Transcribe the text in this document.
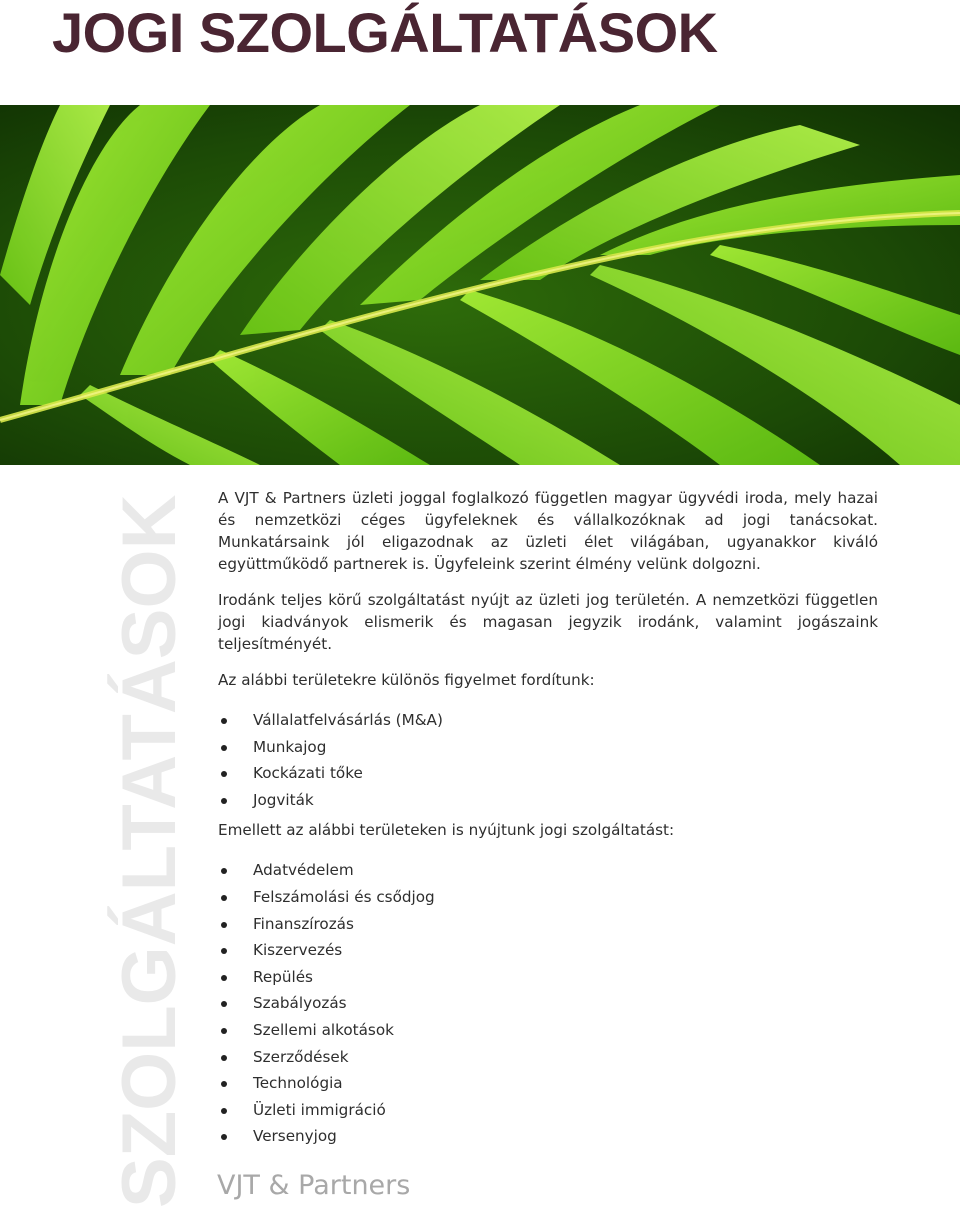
JOGI SZOLGÁLTATÁSOK
SZOLGÁLTATÁSOK A VJT & Partners üzleti joggal foglalkozó független magyar ügyvédi iroda, mely hazai és nemzetközi céges ügyfeleknek és vállalkozóknak ad jogi tanácsokat. Munkatársaink jól eligazodnak az üzleti élet világában, ugyanakkor kiváló együttműködő partnerek is. Ügyfeleink szerint élmény velünk dolgozni.

Irodánk teljes körű szolgáltatást nyújt az üzleti jog területén. A nemzetközi független jogi kiadványok elismerik és magasan jegyzik irodánk, valamint jogászaink teljesítményét.

Az alábbi területekre különös figyelmet fordítunk:

Vállalatfelvásárlás (M&A)
Munkajog
Kockázati tőke
Jogviták

Emellett az alábbi területeken is nyújtunk jogi szolgáltatást:

Adatvédelem
Felszámolási és csődjog
Finanszírozás
Kiszervezés
Repülés
Szabályozás
Szellemi alkotások
Szerződések
Technológia
Üzleti immigráció
Versenyjog
VJT & Partners
